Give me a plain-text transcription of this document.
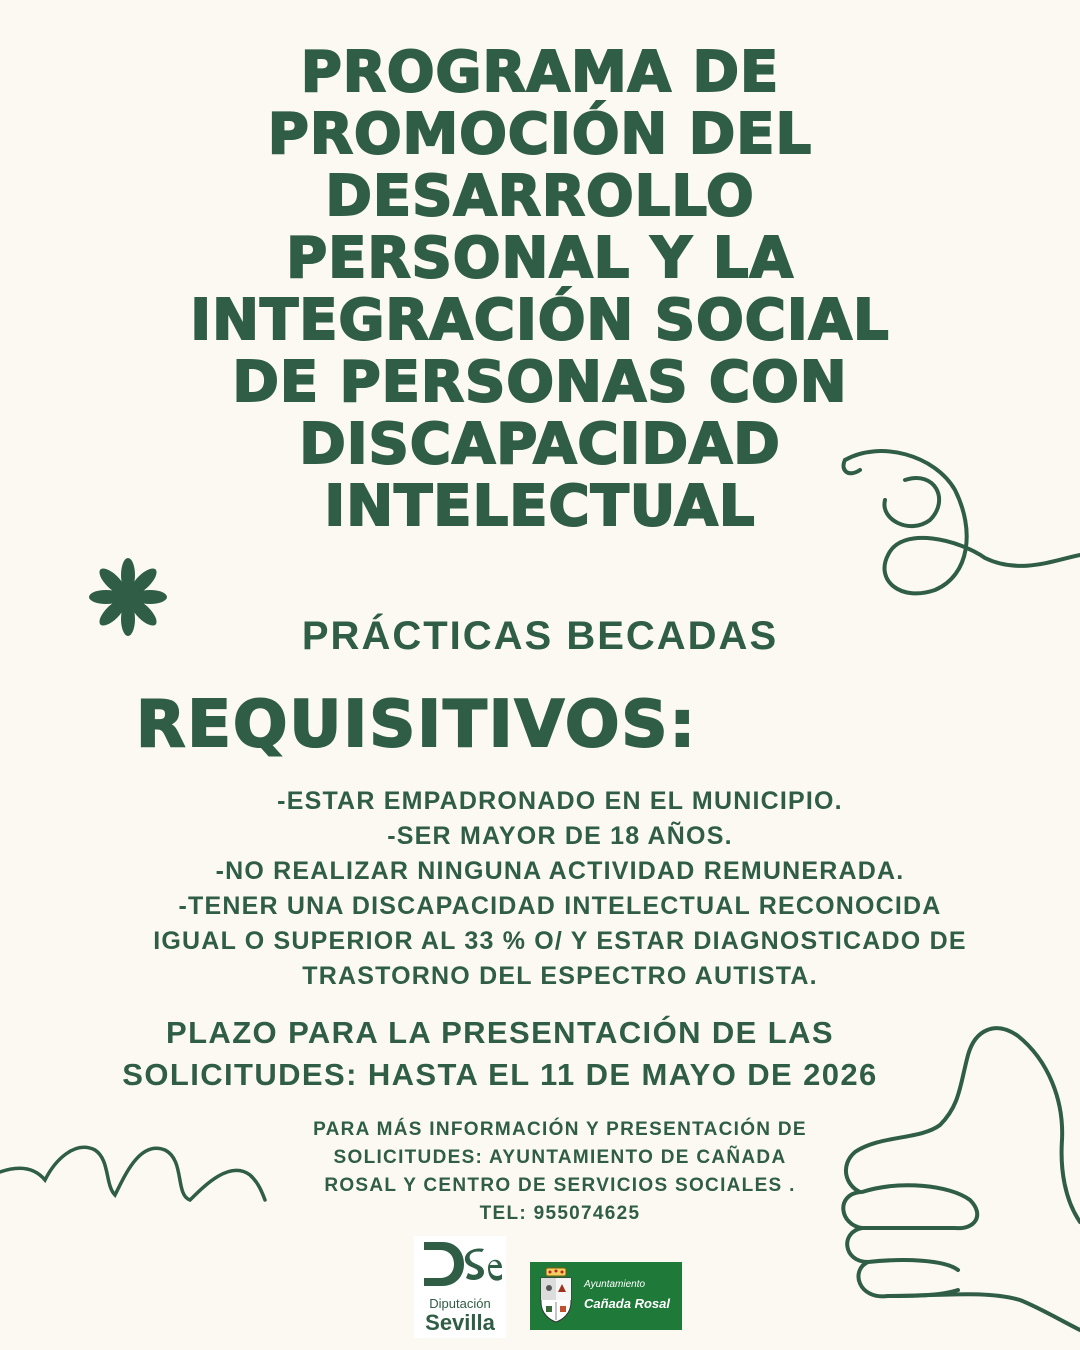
PROGRAMA DE
PROMOCIÓN DEL
DESARROLLO
PERSONAL Y LA
INTEGRACIÓN SOCIAL
DE PERSONAS CON
DISCAPACIDAD
INTELECTUAL
PRÁCTICAS BECADAS
REQUISITIVOS:
-ESTAR EMPADRONADO EN EL MUNICIPIO.
-SER MAYOR DE 18 AÑOS.
-NO REALIZAR NINGUNA ACTIVIDAD REMUNERADA.
-TENER UNA DISCAPACIDAD INTELECTUAL RECONOCIDA
IGUAL O SUPERIOR AL 33 % O/ Y ESTAR DIAGNOSTICADO DE
TRASTORNO DEL ESPECTRO AUTISTA.
PLAZO PARA LA PRESENTACIÓN DE LAS
SOLICITUDES: HASTA EL 11 DE MAYO DE 2026
PARA MÁS INFORMACIÓN Y PRESENTACIÓN DE
SOLICITUDES: AYUNTAMIENTO DE CAÑADA
ROSAL Y CENTRO DE SERVICIOS SOCIALES .
TEL: 955074625
Diputación
Sevilla
Ayuntamiento
Cañada Rosal
